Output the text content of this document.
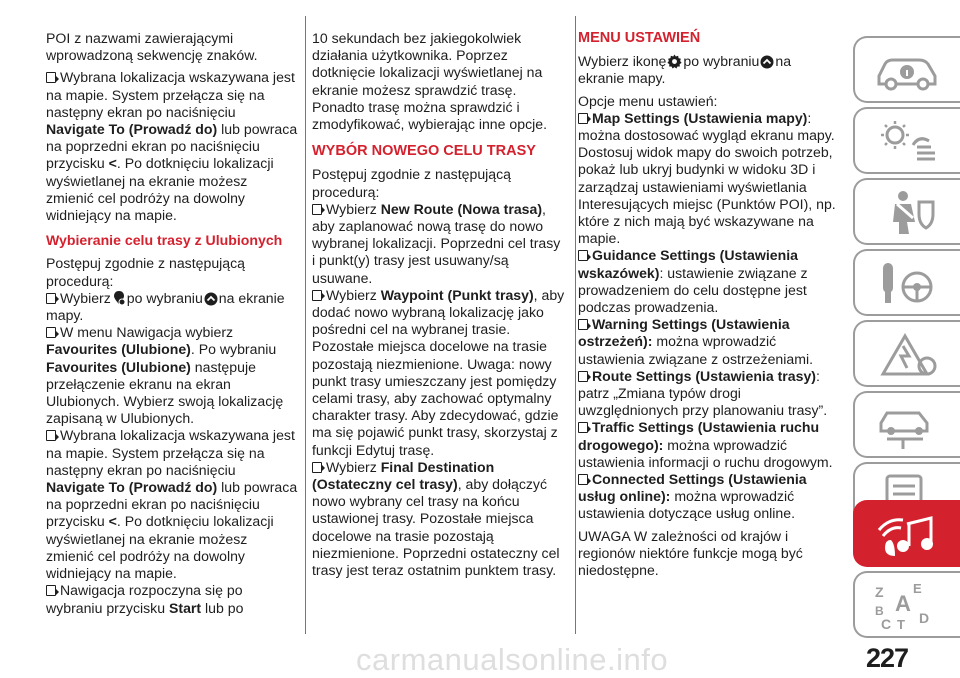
POI z nazwami zawierającymi wprowadzoną sekwencję znaków.

Wybrana lokalizacja wskazywana jest na mapie. System przełącza się na następny ekran po naciśnięciu Navigate To (Prowadź do) lub powraca na poprzedni ekran po naciśnięciu przycisku <. Po dotknięciu lokalizacji wyświetlanej na ekranie możesz zmienić cel podróży na dowolny widniejący na mapie.

Wybieranie celu trasy z Ulubionych

Postępuj zgodnie z następującą procedurą:

Wybierz po wybraniu na ekranie mapy.

W menu Nawigacja wybierz Favourites (Ulubione). Po wybraniu Favourites (Ulubione) następuje przełączenie ekranu na ekran Ulubionych. Wybierz swoją lokalizację zapisaną w Ulubionych.

Wybrana lokalizacja wskazywana jest na mapie. System przełącza się na następny ekran po naciśnięciu Navigate To (Prowadź do) lub powraca na poprzedni ekran po naciśnięciu przycisku <. Po dotknięciu lokalizacji wyświetlanej na ekranie możesz zmienić cel podróży na dowolny widniejący na mapie.

Nawigacja rozpoczyna się po wybraniu przycisku Start lub po

10 sekundach bez jakiegokolwiek działania użytkownika. Poprzez dotknięcie lokalizacji wyświetlanej na ekranie możesz sprawdzić trasę. Ponadto trasę można sprawdzić i zmodyfikować, wybierając inne opcje.

WYBÓR NOWEGO CELU TRASY

Postępuj zgodnie z następującą procedurą:

Wybierz New Route (Nowa trasa), aby zaplanować nową trasę do nowo wybranej lokalizacji. Poprzedni cel trasy i punkt(y) trasy jest usuwany/są usuwane.

Wybierz Waypoint (Punkt trasy), aby dodać nowo wybraną lokalizację jako pośredni cel na wybranej trasie. Pozostałe miejsca docelowe na trasie pozostają niezmienione. Uwaga: nowy punkt trasy umieszczany jest pomiędzy celami trasy, aby zachować optymalny charakter trasy. Aby zdecydować, gdzie ma się pojawić punkt trasy, skorzystaj z funkcji Edytuj trasę.

Wybierz Final Destination (Ostateczny cel trasy), aby dołączyć nowo wybrany cel trasy na końcu ustawionej trasy. Pozostałe miejsca docelowe na trasie pozostają niezmienione. Poprzedni ostateczny cel trasy jest teraz ostatnim punktem trasy.

MENU USTAWIEŃ

Wybierz ikonę po wybraniu na ekranie mapy.

Opcje menu ustawień:

Map Settings (Ustawienia mapy): można dostosować wygląd ekranu mapy. Dostosuj widok mapy do swoich potrzeb, pokaż lub ukryj budynki w widoku 3D i zarządzaj ustawieniami wyświetlania Interesujących miejsc (Punktów POI), np. które z nich mają być wskazywane na mapie.

Guidance Settings (Ustawienia wskazówek): ustawienie związane z prowadzeniem do celu dostępne jest podczas prowadzenia.

Warning Settings (Ustawienia ostrzeżeń): można wprowadzić ustawienia związane z ostrzeżeniami.

Route Settings (Ustawienia trasy): patrz „Zmiana typów drogi uwzględnionych przy planowaniu trasy”.

Traffic Settings (Ustawienia ruchu drogowego): można wprowadzić ustawienia informacji o ruchu drogowym.

Connected Settings (Ustawienia usług online): można wprowadzić ustawienia dotyczące usług online.

UWAGA W zależności od krajów i regionów niektóre funkcje mogą być niedostępne.

Z E
A
B
C T D
carmanualsonline.info	227
